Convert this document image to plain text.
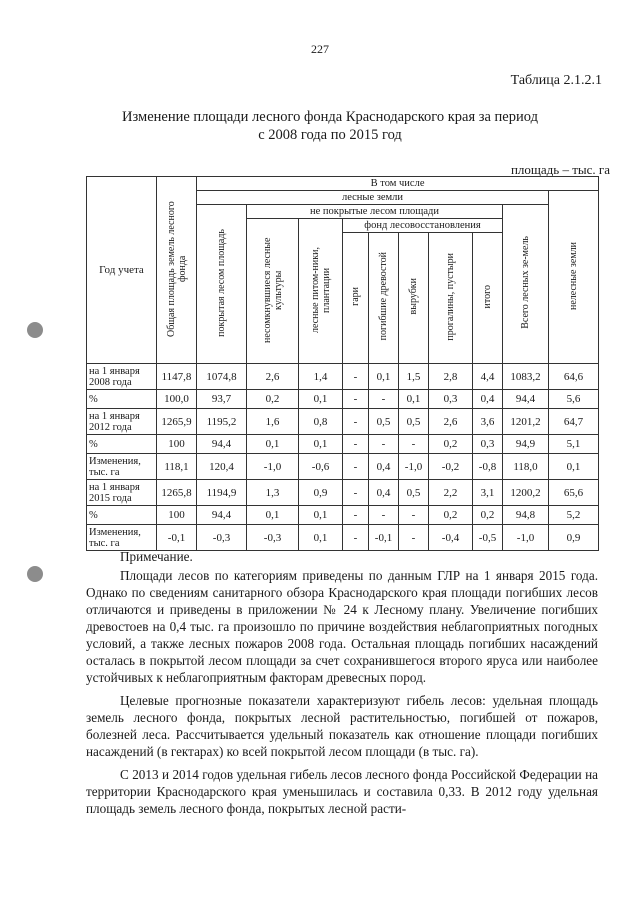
227
Таблица 2.1.2.1
Изменение площади лесного фонда Краснодарского края за период
с 2008 года по 2015 год
площадь – тыс. га
Год учета	Общая площадь земель лесного фонда	В том числе									
		лесные земли									нелесные земли
		покрытая лесом площадь	не покрытые лесом площади							Всего лесных зе-мель	
			несомкнувшиеся лесные культуры	лесные питом-ники, плантации	фонд лесовосстановления						
					гари	погибшие древостой	вырубки	прогалины, пустыри	итого		
на 1 января 2008 года	1147,8	1074,8	2,6	1,4	-	0,1	1,5	2,8	4,4	1083,2	64,6
%	100,0	93,7	0,2	0,1	-	-	0,1	0,3	0,4	94,4	5,6
на 1 января 2012 года	1265,9	1195,2	1,6	0,8	-	0,5	0,5	2,6	3,6	1201,2	64,7
%	100	94,4	0,1	0,1	-	-	-	0,2	0,3	94,9	5,1
Изменения, тыс. га	118,1	120,4	-1,0	-0,6	-	0,4	-1,0	-0,2	-0,8	118,0	0,1
на 1 января 2015 года	1265,8	1194,9	1,3	0,9	-	0,4	0,5	2,2	3,1	1200,2	65,6
%	100	94,4	0,1	0,1	-	-	-	0,2	0,2	94,8	5,2
Изменения, тыс. га	-0,1	-0,3	-0,3	0,1	-	-0,1	-	-0,4	-0,5	-1,0	0,9

Примечание.

Площади лесов по категориям приведены по данным ГЛР на 1 января 2015 года. Однако по сведениям санитарного обзора Краснодарского края площади погибших лесов отличаются и приведены в приложении № 24 к Лесному плану. Увеличение погибших древостоев на 0,4 тыс. га произошло по причине воздействия неблагоприятных погодных условий, а также лесных пожаров 2008 года. Остальная площадь погибших насаждений осталась в покрытой лесом площади за счет сохранившегося второго яруса или наиболее устойчивых к неблагоприятным факторам древесных пород.

Целевые прогнозные показатели характеризуют гибель лесов: удельная площадь земель лесного фонда, покрытых лесной растительностью, погибшей от пожаров, болезней леса. Рассчитывается удельный показатель как отношение площади погибших насаждений (в гектарах) ко всей покрытой лесом площади (в тыс. га).

С 2013 и 2014 годов удельная гибель лесов лесного фонда Российской Федерации на территории Краснодарского края уменьшилась и составила 0,33. В 2012 году удельная площадь земель лесного фонда, покрытых лесной расти-
